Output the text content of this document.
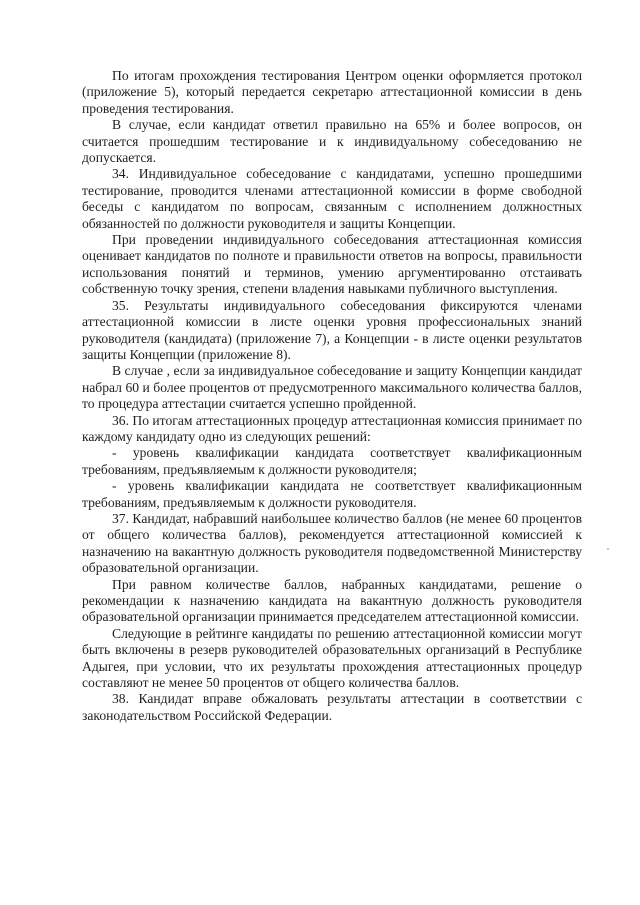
По итогам прохождения тестирования Центром оценки оформляется протокол (приложение 5), который передается секретарю аттестационной комиссии в день проведения тестирования.

В случае, если кандидат ответил правильно на 65% и более вопросов, он считается прошедшим тестирование и к индивидуальному собеседованию не допускается.

34. Индивидуальное собеседование с кандидатами, успешно прошедшими тестирование, проводится членами аттестационной комиссии в форме свободной беседы с кандидатом по вопросам, связанным с исполнением должностных обязанностей по должности руководителя и защиты Концепции.

При проведении индивидуального собеседования аттестационная комиссия оценивает кандидатов по полноте и правильности ответов на вопросы, правильности использования понятий и терминов, умению аргументированно отстаивать собственную точку зрения, степени владения навыками публичного выступления.

35. Результаты индивидуального собеседования фиксируются членами аттестационной комиссии в листе оценки уровня профессиональных знаний руководителя (кандидата) (приложение 7), а Концепции - в листе оценки результатов защиты Концепции (приложение 8).

В случае , если за индивидуальное собеседование и защиту Концепции кандидат набрал 60 и более процентов от предусмотренного максимального количества баллов, то процедура аттестации считается успешно пройденной.

36. По итогам аттестационных процедур аттестационная комиссия принимает по каждому кандидату одно из следующих решений:

- уровень квалификации кандидата соответствует квалификационным требованиям, предъявляемым к должности руководителя;

- уровень квалификации кандидата не соответствует квалификационным требованиям, предъявляемым к должности руководителя.

37. Кандидат, набравший наибольшее количество баллов (не менее 60 процентов от общего количества баллов), рекомендуется аттестационной комиссией к назначению на вакантную должность руководителя подведомственной Министерству образовательной организации.

При равном количестве баллов, набранных кандидатами, решение о рекомендации к назначению кандидата на вакантную должность руководителя образовательной организации принимается председателем аттестационной комиссии.

Следующие в рейтинге кандидаты по решению аттестационной комиссии могут быть включены в резерв руководителей образовательных организаций в Республике Адыгея, при условии, что их результаты прохождения аттестационных процедур составляют не менее 50 процентов от общего количества баллов.

38. Кандидат вправе обжаловать результаты аттестации в соответствии с законодательством Российской Федерации.
